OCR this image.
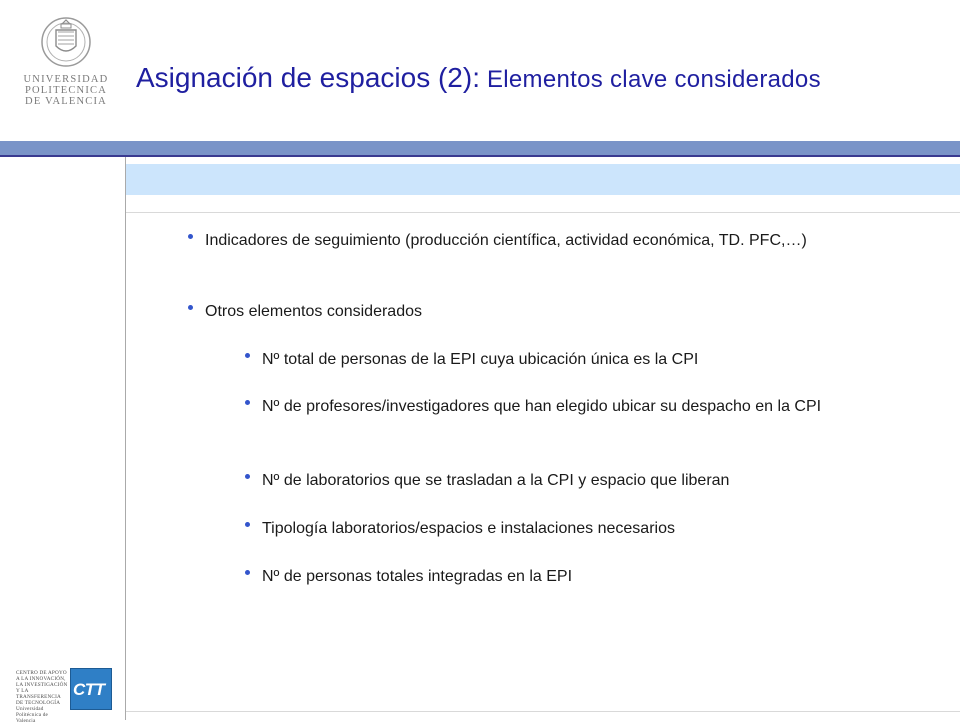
UNIVERSIDAD
POLITECNICA
DE VALENCIA
Asignación de espacios (2): Elementos clave considerados
Indicadores de seguimiento (producción científica, actividad económica, TD. PFC,…)
Otros elementos considerados
Nº total de personas de la EPI cuya ubicación única es la CPI
Nº de profesores/investigadores que han elegido ubicar su despacho en la CPI
Nº de laboratorios que se trasladan a la CPI y espacio que liberan
Tipología laboratorios/espacios e instalaciones necesarios
Nº de personas totales integradas en la EPI
CENTRO DE APOYO
A LA INNOVACIÓN,
LA INVESTIGACIÓN
Y LA TRANSFERENCIA
DE TECNOLOGÍA
Universidad Politécnica de Valencia
CTT
